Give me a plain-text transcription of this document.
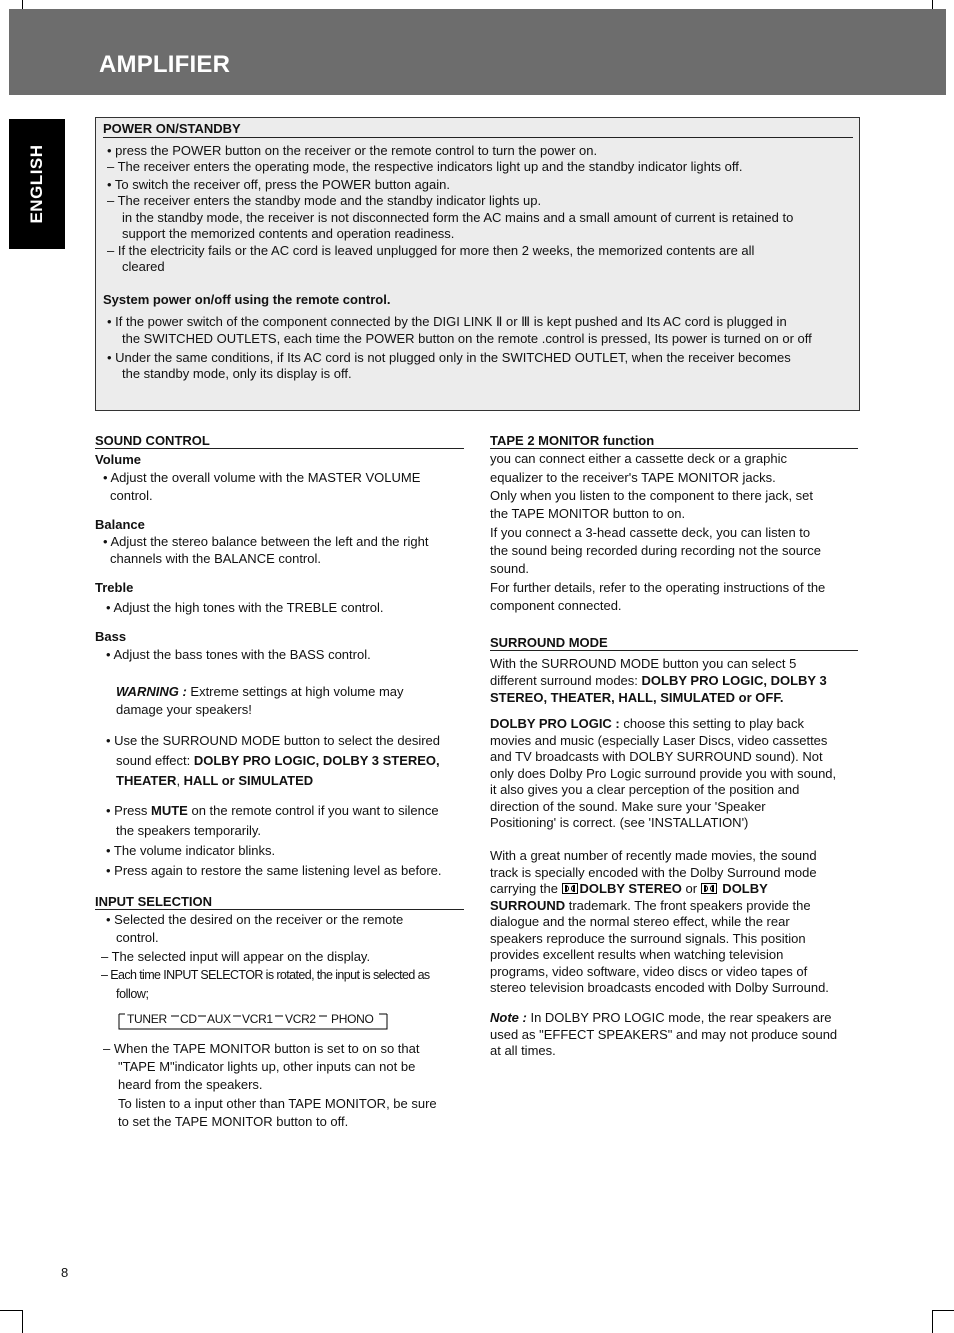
AMPLIFIER
ENGLISH
POWER ON/STANDBY

• press the POWER button on the receiver or the remote control to turn the power on.

– The receiver enters the operating mode, the respective indicators light up and the standby indicator lights off.

• To switch the receiver off, press the POWER button again.

– The receiver enters the standby mode and the standby indicator lights up.

in the standby mode, the receiver is not disconnected form the AC mains and a small amount of current is retained to

support the memorized contents and operation readiness.

– If the electricity fails or the AC cord is leaved unplugged for more then 2 weeks, the memorized contents are all

cleared

System power on/off using the remote control.

• If the power switch of the component connected by the DIGI LINK Ⅱ or Ⅲ is kept pushed and Its AC cord is plugged in

the SWITCHED OUTLETS, each time the POWER button on the remote .control is pressed, Its power is turned on or off

• Under the same conditions, if Its AC cord is not plugged only in the SWITCHED OUTLET, when the receiver becomes

the standby mode, only its display is off.

SOUND CONTROL

Volume

• Adjust the overall volume with the MASTER VOLUME

control.

Balance

• Adjust the stereo balance between the left and the right

channels with the BALANCE control.

Treble

• Adjust the high tones with the TREBLE control.

Bass

• Adjust the bass tones with the BASS control.

WARNING : Extreme settings at high volume may

damage your speakers!

• Use the SURROUND MODE button to select the desired

sound effect: DOLBY PRO LOGIC, DOLBY 3 STEREO,

THEATER, HALL or SIMULATED

• Press MUTE on the remote control if you want to silence

the speakers temporarily.

• The volume indicator blinks.

• Press again to restore the same listening level as before.

INPUT SELECTION

• Selected the desired on the receiver or the remote

control.

– The selected input will appear on the display.

– Each time INPUT SELECTOR is rotated, the input is selected as

follow;

TUNER CD AUX VCR1 VCR2 PHONO

– When the TAPE MONITOR button is set to on so that

"TAPE M"indicator lights up, other inputs can not be

heard from the speakers.

To listen to a input other than TAPE MONITOR, be sure

to set the TAPE MONITOR button to off.

TAPE 2 MONITOR function

you can connect either a cassette deck or a graphic

equalizer to the receiver's TAPE MONITOR jacks.

Only when you listen to the component to there jack, set

the TAPE MONITOR button to on.

If you connect a 3-head cassette deck, you can listen to

the sound being recorded during recording not the source

sound.

For further details, refer to the operating instructions of the

component connected.

SURROUND MODE

With the SURROUND MODE button you can select 5

different surround modes: DOLBY PRO LOGIC, DOLBY 3

STEREO, THEATER, HALL, SIMULATED or OFF.

DOLBY PRO LOGIC : choose this setting to play back

movies and music (especially Laser Discs, video cassettes

and TV broadcasts with DOLBY SURROUND sound). Not

only does Dolby Pro Logic surround provide you with sound,

it also gives you a clear perception of the position and

direction of the sound. Make sure your 'Speaker

Positioning' is correct. (see 'INSTALLATION')

With a great number of recently made movies, the sound

track is specially encoded with the Dolby Surround mode

carrying the DOLBY STEREO or  DOLBY

SURROUND trademark. The front speakers provide the

dialogue and the normal stereo effect, while the rear

speakers reproduce the surround signals. This position

provides excellent results when watching television

programs, video software, video discs or video tapes of

stereo television broadcasts encoded with Dolby Surround.

Note : In DOLBY PRO LOGIC mode, the rear speakers are

used as "EFFECT SPEAKERS" and may not produce sound

at all times.

8
